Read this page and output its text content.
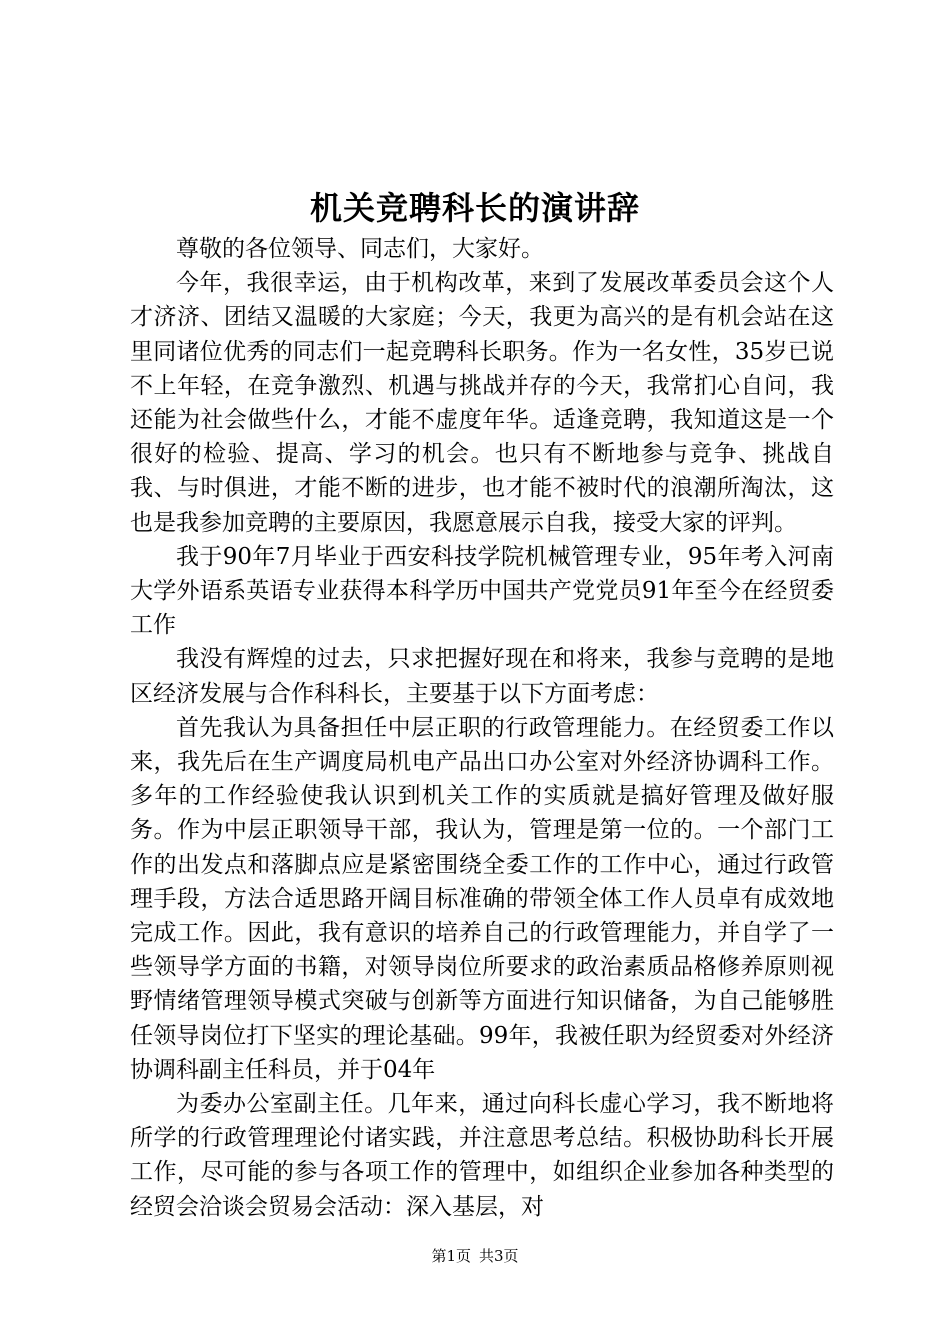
机关竞聘科长的演讲辞

尊敬的各位领导、同志们，大家好。

今年，我很幸运，由于机构改革，来到了发展改革委员会这个人才济济、团结又温暖的大家庭；今天，我更为高兴的是有机会站在这里同诸位优秀的同志们一起竞聘科长职务。作为一名女性，35岁已说不上年轻，在竞争激烈、机遇与挑战并存的今天，我常扪心自问，我还能为社会做些什么，才能不虚度年华。适逢竞聘，我知道这是一个很好的检验、提高、学习的机会。也只有不断地参与竞争、挑战自我、与时俱进，才能不断的进步，也才能不被时代的浪潮所淘汰，这也是我参加竞聘的主要原因，我愿意展示自我，接受大家的评判。

我于90年7月毕业于西安科技学院机械管理专业，95年考入河南大学外语系英语专业获得本科学历中国共产党党员91年至今在经贸委工作

我没有辉煌的过去，只求把握好现在和将来，我参与竞聘的是地区经济发展与合作科科长，主要基于以下方面考虑：

首先我认为具备担任中层正职的行政管理能力。在经贸委工作以来，我先后在生产调度局机电产品出口办公室对外经济协调科工作。多年的工作经验使我认识到机关工作的实质就是搞好管理及做好服务。作为中层正职领导干部，我认为，管理是第一位的。一个部门工作的出发点和落脚点应是紧密围绕全委工作的工作中心，通过行政管理手段，方法合适思路开阔目标准确的带领全体工作人员卓有成效地完成工作。因此，我有意识的培养自己的行政管理能力，并自学了一些领导学方面的书籍，对领导岗位所要求的政治素质品格修养原则视野情绪管理领导模式突破与创新等方面进行知识储备，为自己能够胜任领导岗位打下坚实的理论基础。99年，我被任职为经贸委对外经济协调科副主任科员，并于04年

为委办公室副主任。几年来，通过向科长虚心学习，我不断地将所学的行政管理理论付诸实践，并注意思考总结。积极协助科长开展工作，尽可能的参与各项工作的管理中，如组织企业参加各种类型的经贸会洽谈会贸易会活动：深入基层，对

第1页 共3页
